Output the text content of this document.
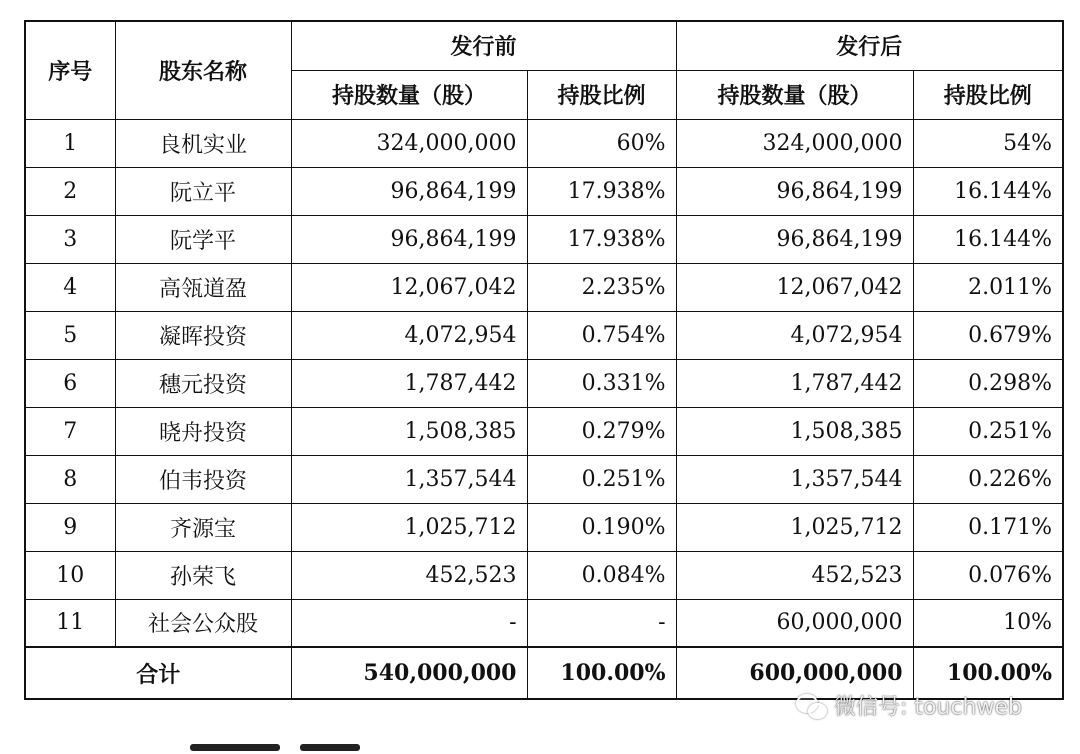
序号	股东名称	发行前		发行后	
		持股数量（股）	持股比例	持股数量（股）	持股比例
1	良机实业	324,000,000	60%	324,000,000	54%
2	阮立平	96,864,199	17.938%	96,864,199	16.144%
3	阮学平	96,864,199	17.938%	96,864,199	16.144%
4	高瓴道盈	12,067,042	2.235%	12,067,042	2.011%
5	凝晖投资	4,072,954	0.754%	4,072,954	0.679%
6	穗元投资	1,787,442	0.331%	1,787,442	0.298%
7	晓舟投资	1,508,385	0.279%	1,508,385	0.251%
8	伯韦投资	1,357,544	0.251%	1,357,544	0.226%
9	齐源宝	1,025,712	0.190%	1,025,712	0.171%
10	孙荣飞	452,523	0.084%	452,523	0.076%
11	社会公众股	-	-	60,000,000	10%
合计		540,000,000	100.00%	600,000,000	100.00%
微信号: touchweb
